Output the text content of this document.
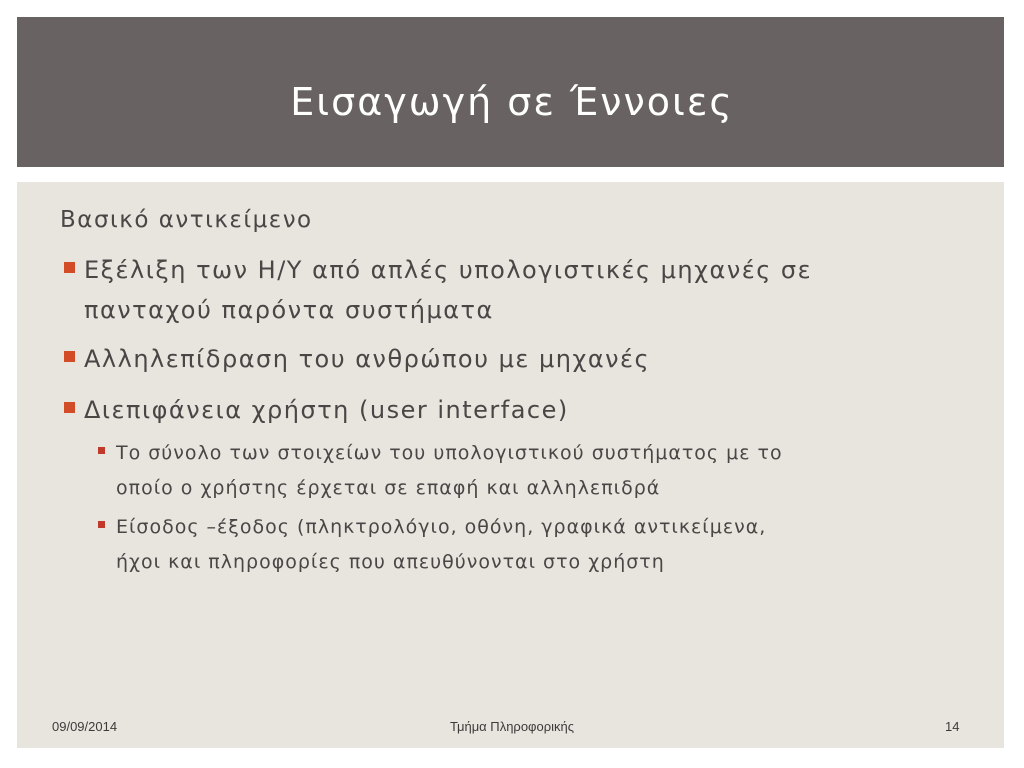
Εισαγωγή σε Έννοιες
Βασικό αντικείμενο
Εξέλιξη των Η/Υ από απλές υπολογιστικές μηχανές σε
πανταχού παρόντα συστήματα
Αλληλεπίδραση του ανθρώπου με μηχανές
Διεπιφάνεια χρήστη (user interface)
Το σύνολο των στοιχείων του υπολογιστικού συστήματος με το
οποίο ο χρήστης έρχεται σε επαφή και αλληλεπιδρά
Είσοδος –έξοδος (πληκτρολόγιο, οθόνη, γραφικά αντικείμενα,
ήχοι και πληροφορίες που απευθύνονται στο χρήστη
09/09/2014	Τμήμα Πληροφορικής	14
